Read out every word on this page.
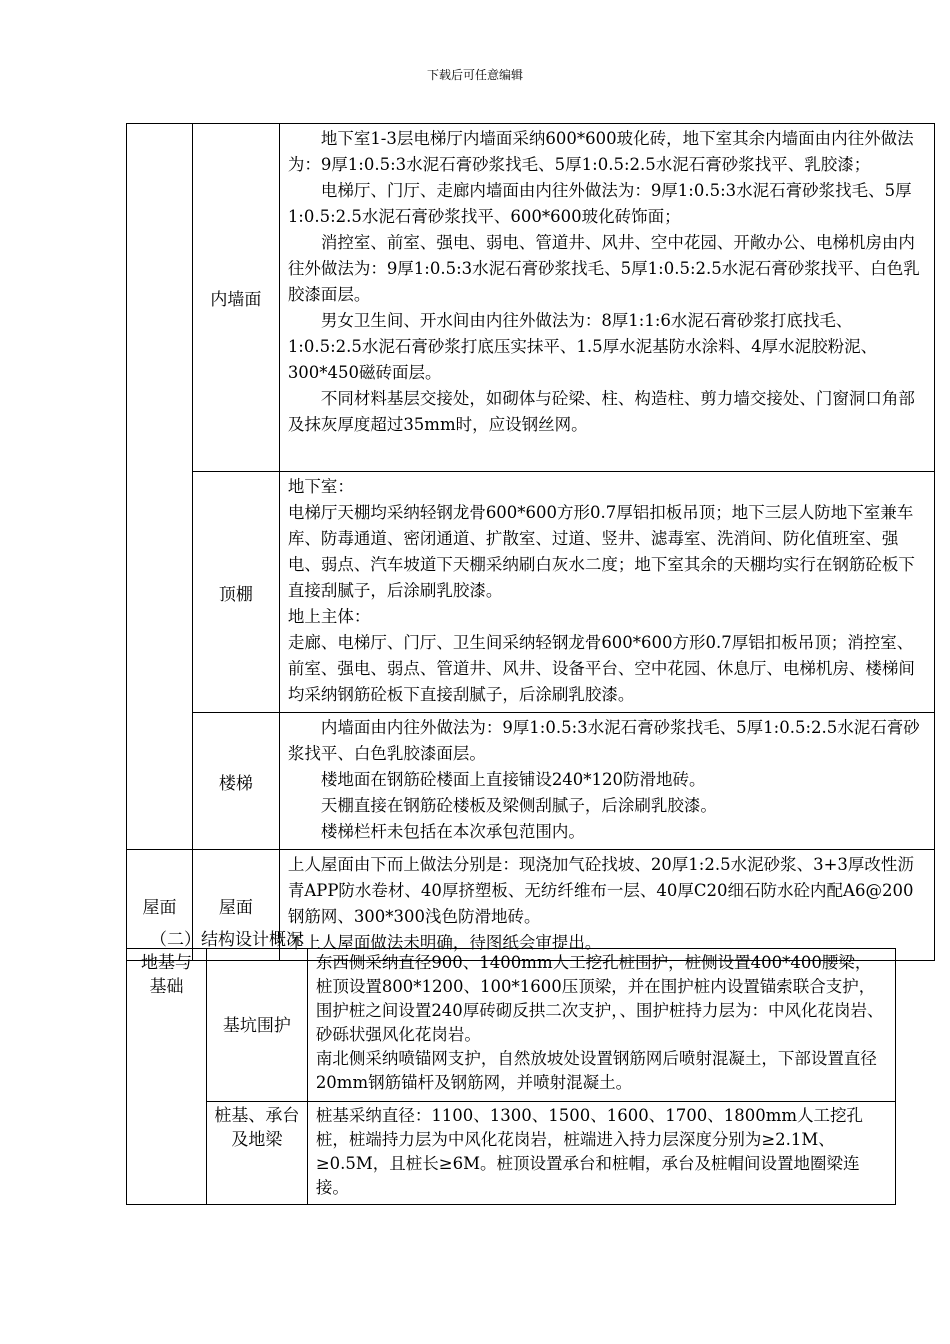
下载后可任意编辑
	内墙面	地下室1-3层电梯厅内墙面采纳600*600玻化砖，地下室其余内墙面由内往外做法为：9厚1:0.5:3水泥石膏砂浆找毛、5厚1:0.5:2.5水泥石膏砂浆找平、乳胶漆；

电梯厅、门厅、走廊内墙面由内往外做法为：9厚1:0.5:3水泥石膏砂浆找毛、5厚1:0.5:2.5水泥石膏砂浆找平、600*600玻化砖饰面；

消控室、前室、强电、弱电、管道井、风井、空中花园、开敞办公、电梯机房由内往外做法为：9厚1:0.5:3水泥石膏砂浆找毛、5厚1:0.5:2.5水泥石膏砂浆找平、白色乳胶漆面层。

男女卫生间、开水间由内往外做法为：8厚1:1:6水泥石膏砂浆打底找毛、1:0.5:2.5水泥石膏砂浆打底压实抹平、1.5厚水泥基防水涂料、4厚水泥胶粉泥、300*450磁砖面层。

不同材料基层交接处，如砌体与砼梁、柱、构造柱、剪力墙交接处、门窗洞口角部及抹灰厚度超过35mm时，应设钢丝网。

	顶棚	地下室：

电梯厅天棚均采纳轻钢龙骨600*600方形0.7厚铝扣板吊顶；地下三层人防地下室兼车库、防毒通道、密闭通道、扩散室、过道、竖井、滤毒室、洗消间、防化值班室、强电、弱点、汽车坡道下天棚采纳刷白灰水二度；地下室其余的天棚均实行在钢筋砼板下直接刮腻子，后涂刷乳胶漆。

地上主体：

走廊、电梯厅、门厅、卫生间采纳轻钢龙骨600*600方形0.7厚铝扣板吊顶；消控室、前室、强电、弱点、管道井、风井、设备平台、空中花园、休息厅、电梯机房、楼梯间均采纳钢筋砼板下直接刮腻子，后涂刷乳胶漆。

	楼梯	内墙面由内往外做法为：9厚1:0.5:3水泥石膏砂浆找毛、5厚1:0.5:2.5水泥石膏砂浆找平、白色乳胶漆面层。

楼地面在钢筋砼楼面上直接铺设240*120防滑地砖。

天棚直接在钢筋砼楼板及梁侧刮腻子，后涂刷乳胶漆。

楼梯栏杆未包括在本次承包范围内。

屋面	屋面	上人屋面由下而上做法分别是：现浇加气砼找坡、20厚1:2.5水泥砂浆、3+3厚改性沥青APP防水卷材、40厚挤塑板、无纺纤维布一层、40厚C20细石防水砼内配A6@200钢筋网、300*300浅色防滑地砖。

不上人屋面做法未明确，待图纸会审提出。

（二）结构设计概况
地基与基础	基坑围护	东西侧采纳直径900、1400mm人工挖孔桩围护，桩侧设置400*400腰梁，桩顶设置800*1200、100*1600压顶梁，并在围护桩内设置锚索联合支护，围护桩之间设置240厚砖砌反拱二次支护，、围护桩持力层为：中风化花岗岩、砂砾状强风化花岗岩。

南北侧采纳喷锚网支护，自然放坡处设置钢筋网后喷射混凝土，下部设置直径20mm钢筋锚杆及钢筋网，并喷射混凝土。

	桩基、承台及地梁	桩基采纳直径：1100、1300、1500、1600、1700、1800mm人工挖孔桩，桩端持力层为中风化花岗岩，桩端进入持力层深度分别为≥2.1M、≥0.5M，且桩长≥6M。桩顶设置承台和桩帽，承台及桩帽间设置地圈梁连接。
